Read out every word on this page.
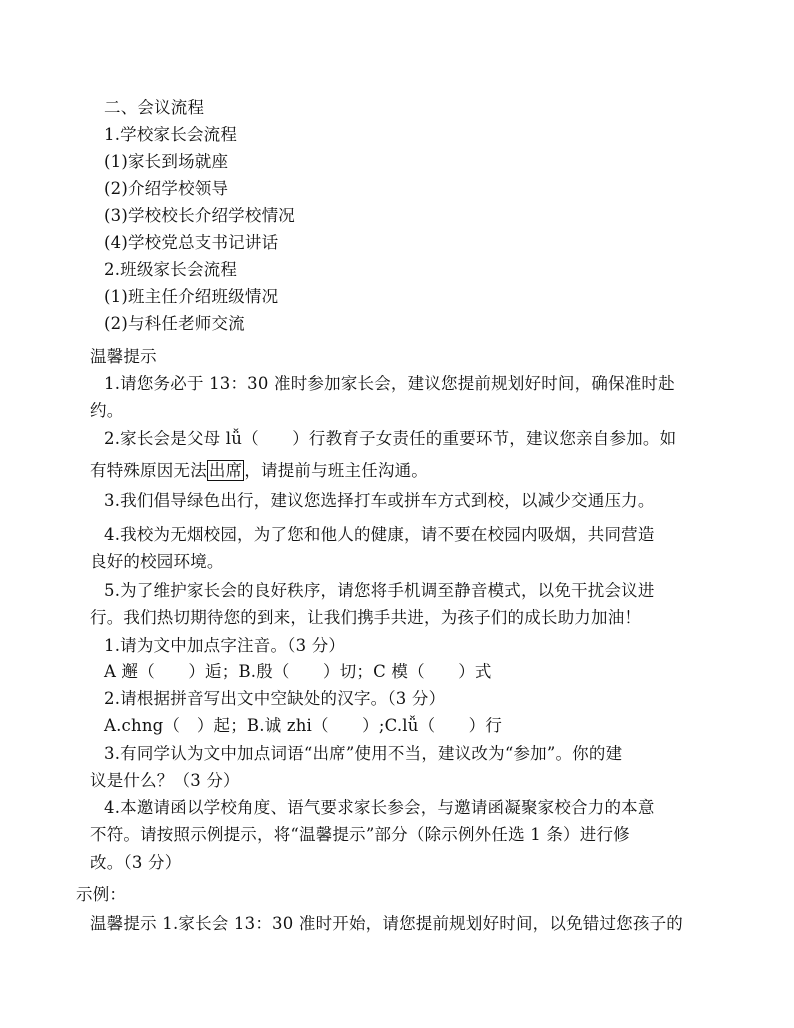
二、会议流程
1.学校家长会流程
(1)家长到场就座
(2)介绍学校领导
(3)学校校长介绍学校情况
(4)学校党总支书记讲话
2.班级家长会流程
(1)班主任介绍班级情况
(2)与科任老师交流
温馨提示
1.请您务必于 13：30 准时参加家长会，建议您提前规划好时间，确保准时赴
约。
2.家长会是父母 lǚ（　　）行教育子女责任的重要环节，建议您亲自参加。如
有特殊原因无法 出席 ，请提前与班主任沟通。
3.我们倡导绿色出行，建议您选择打车或拼车方式到校，以减少交通压力。
4.我校为无烟校园，为了您和他人的健康，请不要在校园内吸烟，共同营造
良好的校园环境。
5.为了维护家长会的良好秩序，请您将手机调至静音模式，以免干扰会议进
行。我们热切期待您的到来，让我们携手共进，为孩子们的成长助力加油！
1.请为文中加点字注音。（3 分）
A 邂（　　）逅；B.殷（　　）切；C 模（　　）式
2.请根据拼音写出文中空缺处的汉字。（3 分）
A.chng（　）起；B.诚 zhi（　　）;C.lǚ（　　）行
3.有同学认为文中加点词语“出席”使用不当，建议改为“参加”。你的建
议是什么？（3 分）
4.本邀请函以学校角度、语气要求家长参会，与邀请函凝聚家校合力的本意
不符。请按照示例提示，将“温馨提示”部分（除示例外任选 1 条）进行修
改。（3 分）
示例：
温馨提示 1.家长会 13：30 准时开始，请您提前规划好时间，以免错过您孩子的
